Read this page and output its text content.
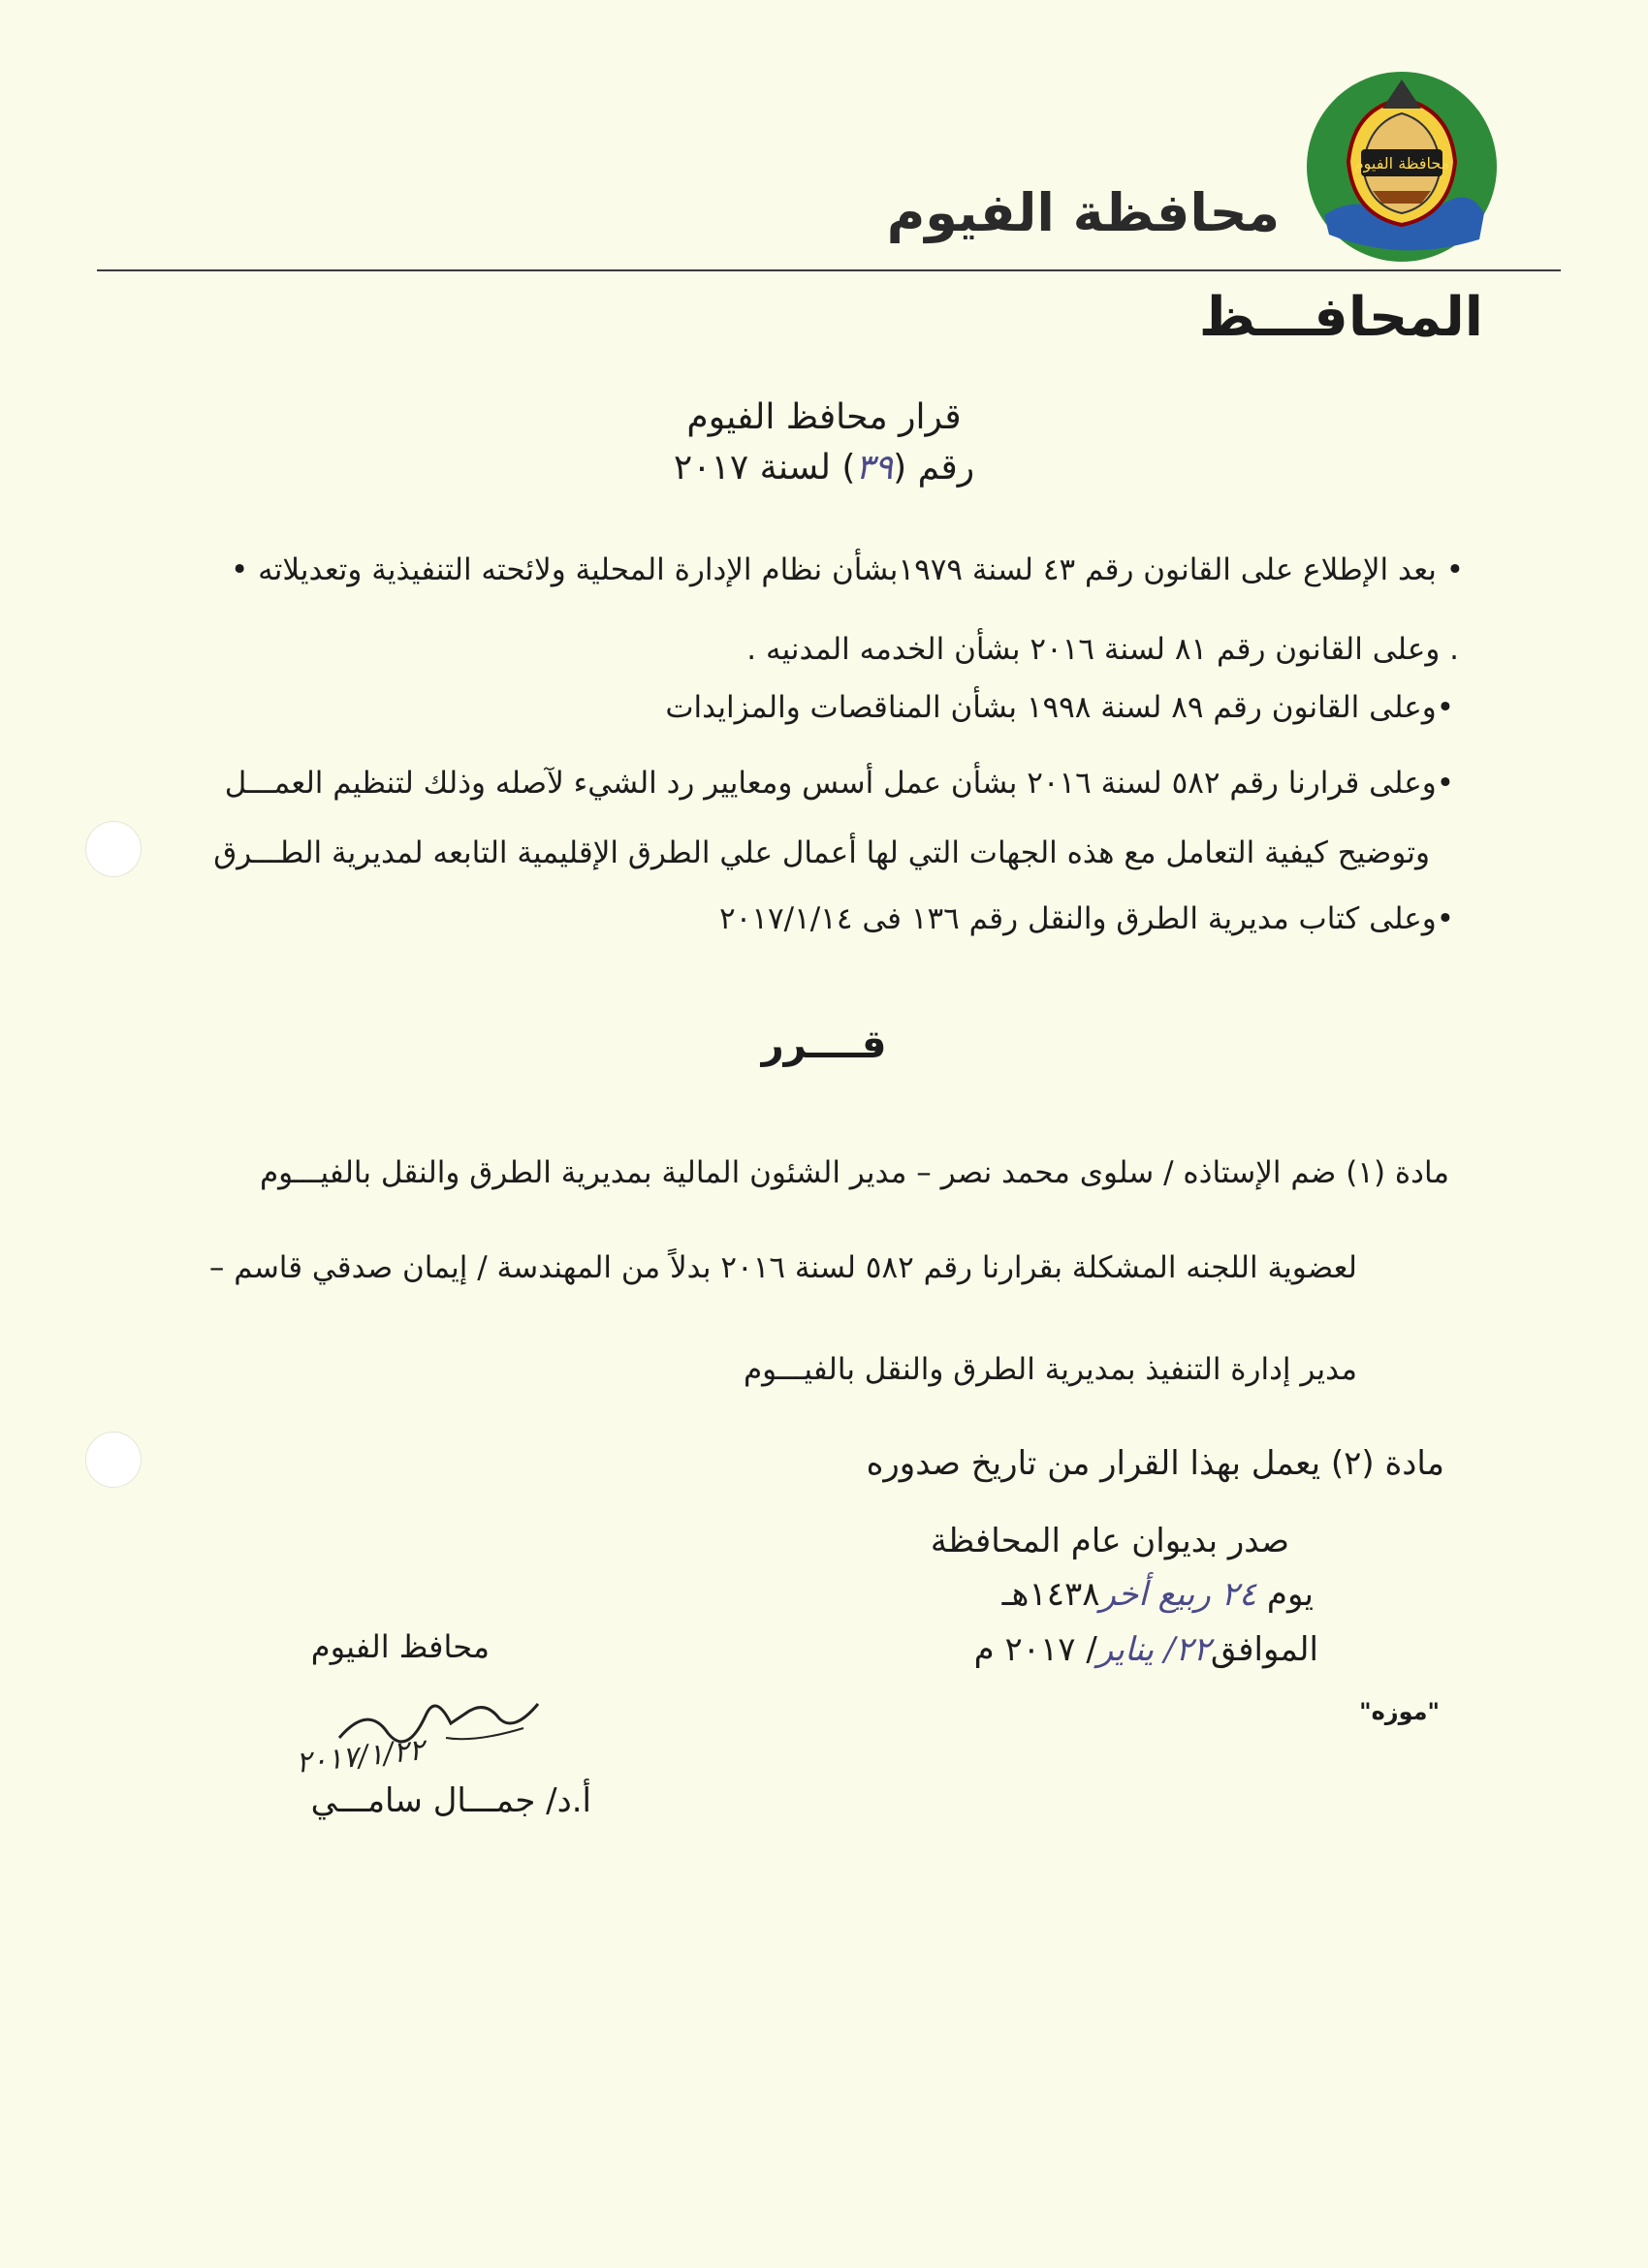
محافظة الفيوم
محافظة الفيوم
المحافـــظ
قرار محافظ الفيوم
رقم (٣٩) لسنة ٢٠١٧
• بعد الإطلاع على القانون رقم ٤٣ لسنة ١٩٧٩بشأن نظام الإدارة المحلية ولائحته التنفيذية وتعديلاته •
. وعلى القانون رقم ٨١ لسنة ٢٠١٦ بشأن الخدمه المدنيه .
•وعلى القانون رقم ٨٩ لسنة ١٩٩٨ بشأن المناقصات والمزايدات
•وعلى قرارنا رقم ٥٨٢ لسنة ٢٠١٦ بشأن عمل أسس ومعايير رد الشيء لآصله وذلك لتنظيم العمـــل
وتوضيح كيفية التعامل مع هذه الجهات التي لها أعمال علي الطرق الإقليمية التابعه لمديرية الطـــرق
•وعلى كتاب مديرية الطرق والنقل رقم ١٣٦ فى ٢٠١٧/١/١٤
قــــرر
مادة (١) ضم الإستاذه / سلوى محمد نصر – مدير الشئون المالية بمديرية الطرق والنقل بالفيـــوم
لعضوية اللجنه المشكلة بقرارنا رقم ٥٨٢ لسنة ٢٠١٦ بدلاً من المهندسة / إيمان صدقي قاسم –
مدير إدارة التنفيذ بمديرية الطرق والنقل بالفيـــوم
مادة (٢) يعمل بهذا القرار من تاريخ صدوره
صدر بديوان عام المحافظة
يوم ٢٤ ربيع أخر١٤٣٨هـ
الموافق٢٢/ يناير/ ٢٠١٧ م
"موزه"
محافظ الفيوم
٢٠١٧/١/٢٢
أ.د/ جمـــال سامـــي
